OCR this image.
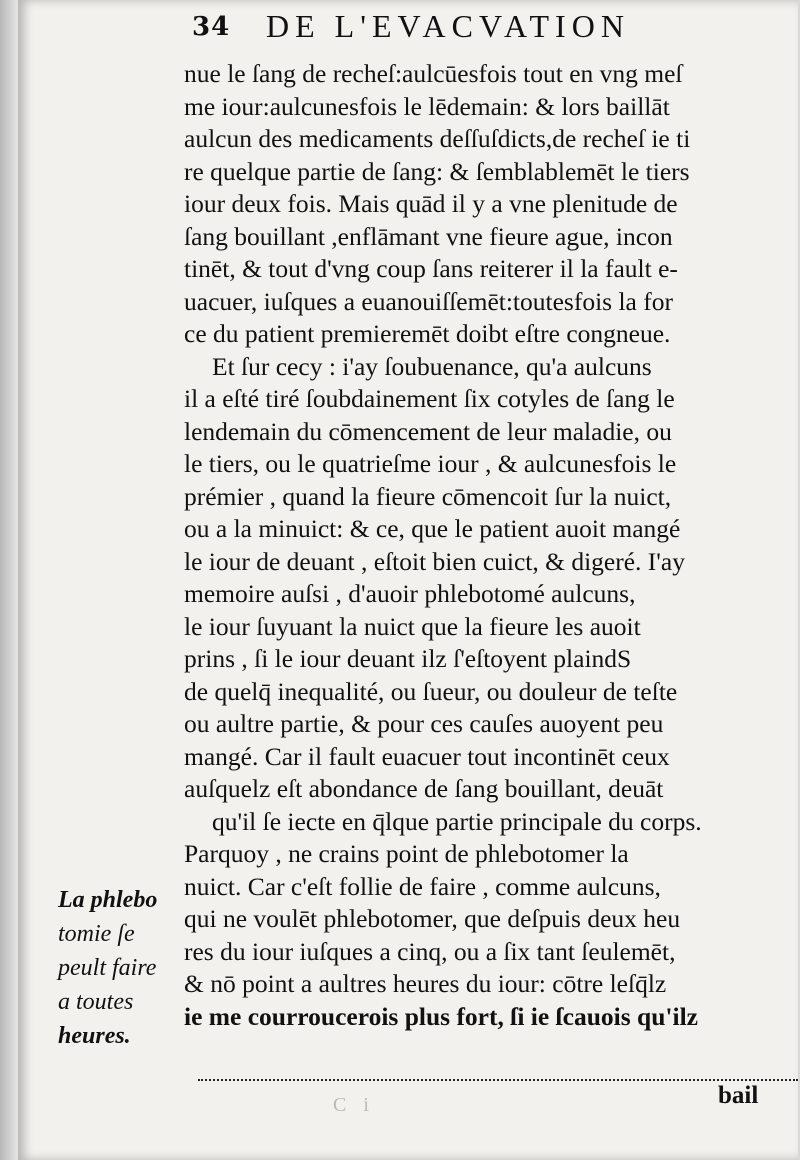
34 DE L'EVACVATION
nue le ſang de recheſ:aulcūesfois tout en vng meſ
me iour:aulcunesfois le lēdemain: & lors baillāt
aulcun des medicaments deſſuſdicts,de recheſ ie ti
re quelque partie de ſang: & ſemblablemēt le tiers
iour deux fois. Mais quād il y a vne plenitude de
ſang bouillant ,enflāmant vne fieure ague, incon
tinēt, & tout d'vng coup ſans reiterer il la fault e-
uacuer, iuſques a euanouiſſemēt:toutesfois la for
ce du patient premieremēt doibt eſtre congneue.
Et ſur cecy : i'ay ſoubuenance, qu'a aulcuns
il a eſté tiré ſoubdainement ſix cotyles de ſang le
lendemain du cōmencement de leur maladie, ou
le tiers, ou le quatrieſme iour , & aulcunesfois le
prémier , quand la fieure cōmencoit ſur la nuict,
ou a la minuict: & ce, que le patient auoit mangé
le iour de deuant , eſtoit bien cuict, & digeré. I'ay
memoire auſsi , d'auoir phlebotomé aulcuns,
le iour ſuyuant la nuict que la fieure les auoit
prins , ſi le iour deuant ilz ſ'eſtoyent plaindS
de quelq̄ inequalité, ou ſueur, ou douleur de teſte
ou aultre partie, & pour ces cauſes auoyent peu
mangé. Car il fault euacuer tout incontinēt ceux
auſquelz eſt abondance de ſang bouillant, deuāt
qu'il ſe iecte en q̄lque partie principale du corps.
Parquoy , ne crains point de phlebotomer la
nuict. Car c'eſt follie de faire , comme aulcuns,
qui ne voulēt phlebotomer, que deſpuis deux heu
res du iour iuſques a cinq, ou a ſix tant ſeulemēt,
& nō point a aultres heures du iour: cōtre leſq̄lz
ie me courroucerois plus fort, ſi ie ſcauois qu'ilz
bail
La phlebo
tomie ſe
peult faire
a toutes
heures.
C i
